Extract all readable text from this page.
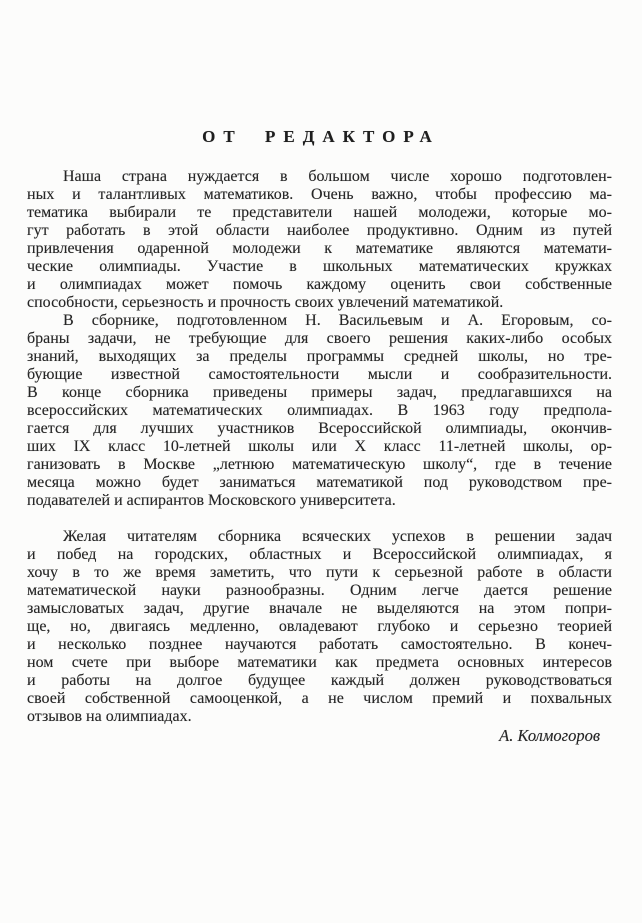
ОТ РЕДАКТОРА
Наша страна нуждается в большом числе хорошо подготовлен-
ных и талантливых математиков. Очень важно, чтобы профессию ма-
тематика выбирали те представители нашей молодежи, которые мо-
гут работать в этой области наиболее продуктивно. Одним из путей
привлечения одаренной молодежи к математике являются математи-
ческие олимпиады. Участие в школьных математических кружках
и олимпиадах может помочь каждому оценить свои собственные
способности, серьезность и прочность своих увлечений математикой.
В сборнике, подготовленном Н. Васильевым и А. Егоровым, со-
браны задачи, не требующие для своего решения каких-либо особых
знаний, выходящих за пределы программы средней школы, но тре-
бующие известной самостоятельности мысли и сообразительности.
В конце сборника приведены примеры задач, предлагавшихся на
всероссийских математических олимпиадах. В 1963 году предпола-
гается для лучших участников Всероссийской олимпиады, окончив-
ших IX класс 10-летней школы или X класс 11-летней школы, ор-
ганизовать в Москве „летнюю математическую школу“, где в течение
месяца можно будет заниматься математикой под руководством пре-
подавателей и аспирантов Московского университета.
Желая читателям сборника всяческих успехов в решении задач
и побед на городских, областных и Всероссийской олимпиадах, я
хочу в то же время заметить, что пути к серьезной работе в области
математической науки разнообразны. Одним легче дается решение
замысловатых задач, другие вначале не выделяются на этом попри-
ще, но, двигаясь медленно, овладевают глубоко и серьезно теорией
и несколько позднее научаются работать самостоятельно. В конеч-
ном счете при выборе математики как предмета основных интересов
и работы на долгое будущее каждый должен руководствоваться
своей собственной самооценкой, а не числом премий и похвальных
отзывов на олимпиадах.
А. Колмогоров
